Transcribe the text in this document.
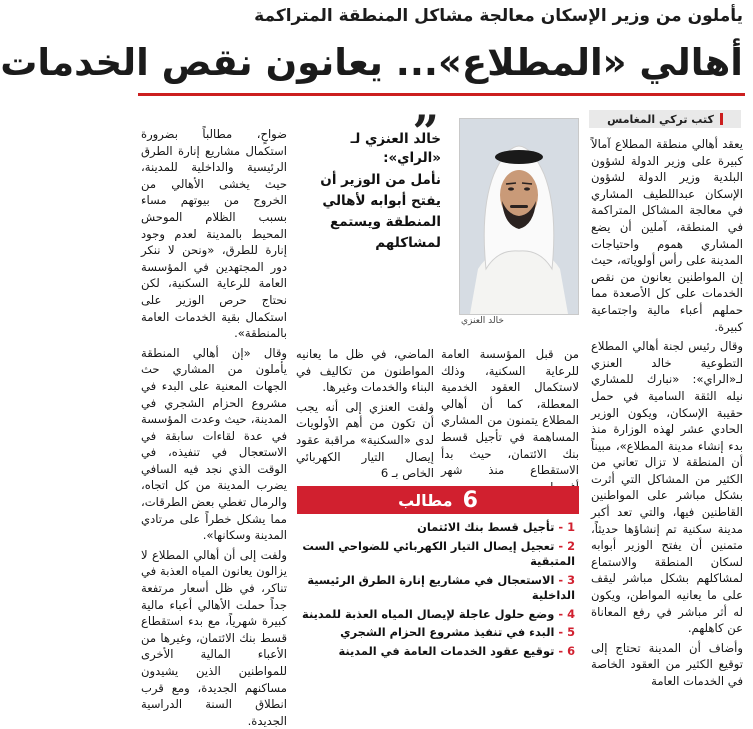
يأملون من وزير الإسكان معالجة مشاكل المنطقة المتراكمة
أهالي «المطلاع»... يعانون نقص الخدمات
كتب تركي المغامس

يعقد أهالي منطقة المطلاع آمالاً كبيرة على وزير الدولة لشؤون البلدية وزير الدولة لشؤون الإسكان عبداللطيف المشاري في معالجة المشاكل المتراكمة في المنطقة، آملين أن يضع المشاري هموم واحتياجات المدينة على رأس أولوياته، حيث إن المواطنين يعانون من نقص الخدمات على كل الأصعدة مما حملهم أعباء مالية واجتماعية كبيرة.

وقال رئيس لجنة أهالي المطلاع التطوعية خالد العنزي لـ«الراي»: «نبارك للمشاري نيله الثقة السامية في حمل حقيبة الإسكان، ويكون الوزير الحادي عشر لهذه الوزارة منذ بدء إنشاء مدينة المطلاع»، مبيناً أن المنطقة لا تزال تعاني من الكثير من المشاكل التي أثرت بشكل مباشر على المواطنين القاطنين فيها، والتي تعد أكبر مدينة سكنية تم إنشاؤها حديثاً، متمنين أن يفتح الوزير أبوابه لسكان المنطقة والاستماع لمشاكلهم بشكل مباشر ليقف على ما يعانيه المواطن، ويكون له أثر مباشر في رفع المعاناة عن كاهلهم.

وأضاف أن المدينة تحتاج إلى توقيع الكثير من العقود الخاصة في الخدمات العامة

خالد العنزي
”
خالد العنزي لـ «الراي»:
نأمل من الوزير أن يفتح أبوابه لأهالي المنطقة ويستمع لمشاكلهم

من قبل المؤسسة العامة للرعاية السكنية، وذلك لاستكمال العقود الخدمية المعطلة، كما أن أهالي المطلاع يتمنون من المشاري المساهمة في تأجيل قسط بنك الائتمان، حيث بدأ الاستقطاع منذ شهر

الماضي، في ظل ما يعانيه المواطنون من تكاليف في البناء والخدمات وغيرها.

ولفت العنزي إلى أنه يجب أن تكون من أهم الأولويات لدى «السكنية» مراقبة عقود إيصال التيار الكهربائي الخاص بـ 6

ضواحٍ، مطالباً بضرورة استكمال مشاريع إنارة الطرق الرئيسية والداخلية للمدينة، حيث يخشى الأهالي من الخروج من بيوتهم مساء بسبب الظلام الموحش المحيط بالمدينة لعدم وجود إنارة للطرق، «ونحن لا ننكر دور المجتهدين في المؤسسة العامة للرعاية السكنية، لكن نحتاج حرص الوزير على استكمال بقية الخدمات العامة بالمنطقة».

وقال «إن أهالي المنطقة يأملون من المشاري حث الجهات المعنية على البدء في مشروع الحزام الشجري في المدينة، حيث وعدت المؤسسة في عدة لقاءات سابقة في الاستعجال في تنفيذه، في الوقت الذي نجد فيه السافي يضرب المدينة من كل اتجاه، والرمال تغطي بعض الطرقات، مما يشكل خطراً على مرتادي المدينة وسكانها».

ولفت إلى أن أهالي المطلاع لا يزالون يعانون المياه العذبة في تناكر، في ظل أسعار مرتفعة جداً حملت الأهالي أعباء مالية كبيرة شهرياً، مع بدء استقطاع قسط بنك الائتمان، وغيرها من الأعباء المالية الأخرى للمواطنين الذين يشيدون مساكنهم الجديدة، ومع قرب انطلاق السنة الدراسية الجديدة.

6
مطالب
1 - تأجيل قسط بنك الائتمان
2 - تعجيل إيصال التيار الكهربائي للضواحي الست المتبقية
3 - الاستعجال في مشاريع إنارة الطرق الرئيسية الداخلية
4 - وضع حلول عاجلة لإيصال المياه العذبة للمدينة
5 - البدء في تنفيذ مشروع الحزام الشجري
6 - توقيع عقود الخدمات العامة في المدينة
